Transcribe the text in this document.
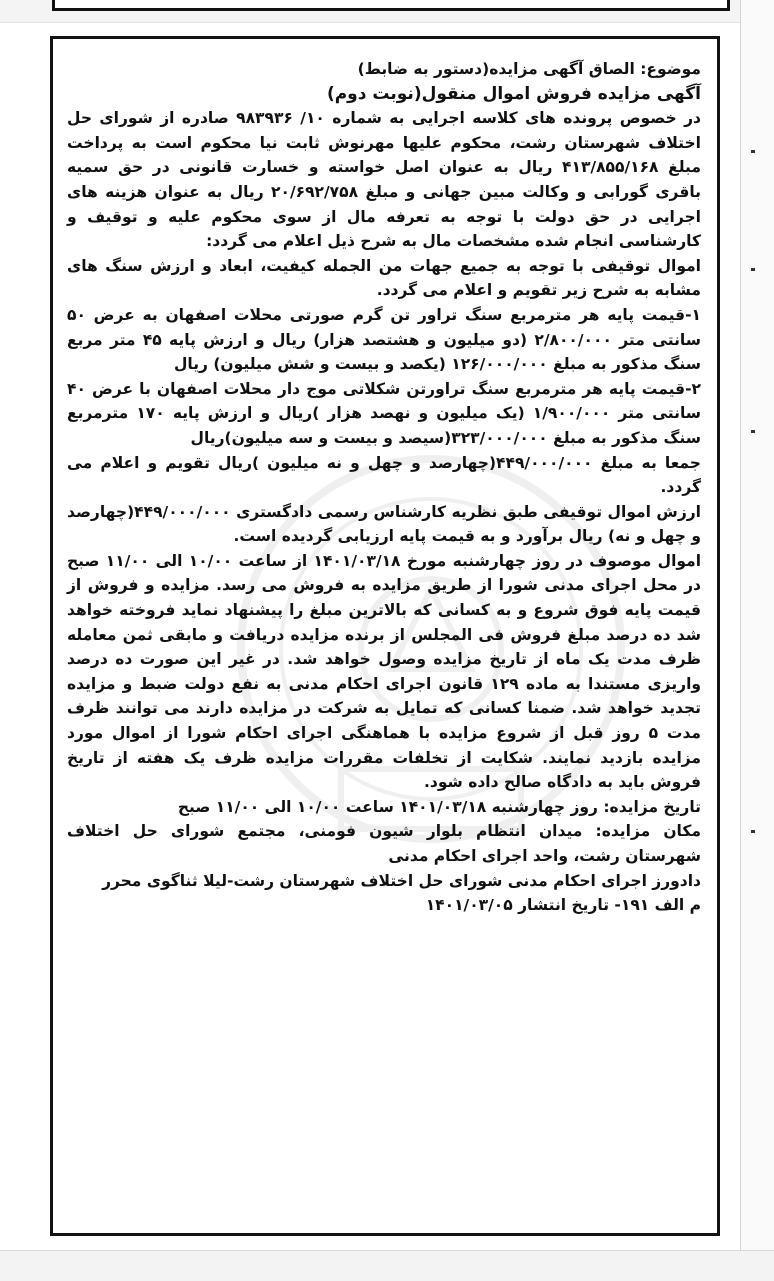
موضوع: الصاق آگهی مزایده(دستور به ضابط)

آگهی مزایده فروش اموال منقول(نوبت دوم)

در خصوص پرونده های کلاسه اجرایی به شماره ۱۰/ ۹۸۳۹۳۶ صادره از شورای حل اختلاف شهرستان رشت، محکوم علیها مهرنوش ثابت نیا محکوم است به پرداخت مبلغ ۴۱۳/۸۵۵/۱۶۸ ریال به عنوان اصل خواسته و خسارت قانونی در حق سمیه باقری گورابی و وکالت مبین جهانی و مبلغ ۲۰/۶۹۲/۷۵۸ ریال به عنوان هزینه های اجرایی در حق دولت با توجه به تعرفه مال از سوی محکوم علیه و توقیف و کارشناسی انجام شده مشخصات مال به شرح ذیل اعلام می گردد:

اموال توقیفی با توجه به جمیع جهات من الجمله کیفیت، ابعاد و ارزش سنگ های مشابه به شرح زیر تقویم و اعلام می گردد.

۱-قیمت پایه هر مترمربع سنگ تراور تن گرم صورتی محلات اصفهان به عرض ۵۰ سانتی متر ۲/۸۰۰/۰۰۰ (دو میلیون و هشتصد هزار) ریال و ارزش پایه ۴۵ متر مربع سنگ مذکور به مبلغ ۱۲۶/۰۰۰/۰۰۰ (یکصد و بیست و شش میلیون) ریال

۲-قیمت پایه هر مترمربع سنگ تراورتن شکلاتی موج دار محلات اصفهان با عرض ۴۰ سانتی متر ۱/۹۰۰/۰۰۰ (یک میلیون و نهصد هزار )ریال و ارزش پایه ۱۷۰ مترمربع سنگ مذکور به مبلغ ۳۲۳/۰۰۰/۰۰۰(سیصد و بیست و سه میلیون)ریال

جمعا به مبلغ ۴۴۹/۰۰۰/۰۰۰(چهارصد و چهل و نه میلیون )ریال تقویم و اعلام می گردد.

ارزش اموال توقیفی طبق نظریه کارشناس رسمی دادگستری ۴۴۹/۰۰۰/۰۰۰(چهارصد و چهل و نه) ریال برآورد و به قیمت پایه ارزیابی گردیده است.

اموال موصوف در روز چهارشنبه مورخ ۱۴۰۱/۰۳/۱۸ از ساعت ۱۰/۰۰ الی ۱۱/۰۰ صبح در محل اجرای مدنی شورا از طریق مزایده به فروش می رسد. مزایده و فروش از قیمت پایه فوق شروع و به کسانی که بالاترین مبلغ را پیشنهاد نماید فروخته خواهد شد ده درصد مبلغ فروش فی المجلس از برنده مزایده دریافت و مابقی ثمن معامله ظرف مدت یک ماه از تاریخ مزایده وصول خواهد شد. در غیر این صورت ده درصد واریزی مستندا به ماده ۱۲۹ قانون اجرای احکام مدنی به نفع دولت ضبط و مزایده تجدید خواهد شد. ضمنا کسانی که تمایل به شرکت در مزایده دارند می توانند ظرف مدت ۵ روز قبل از شروع مزایده با هماهنگی اجرای احکام شورا از اموال مورد مزایده بازدید نمایند. شکایت از تخلفات مقررات مزایده ظرف یک هفته از تاریخ فروش باید به دادگاه صالح داده شود.

تاریخ مزایده: روز چهارشنبه ۱۴۰۱/۰۳/۱۸ ساعت ۱۰/۰۰ الی ۱۱/۰۰ صبح

مکان مزایده: میدان انتظام بلوار شیون فومنی، مجتمع شورای حل اختلاف شهرستان رشت، واحد اجرای احکام مدنی

دادورز اجرای احکام مدنی شورای حل اختلاف شهرستان رشت-لیلا ثناگوی محرر

م الف ۱۹۱- تاریخ انتشار ۱۴۰۱/۰۳/۰۵
